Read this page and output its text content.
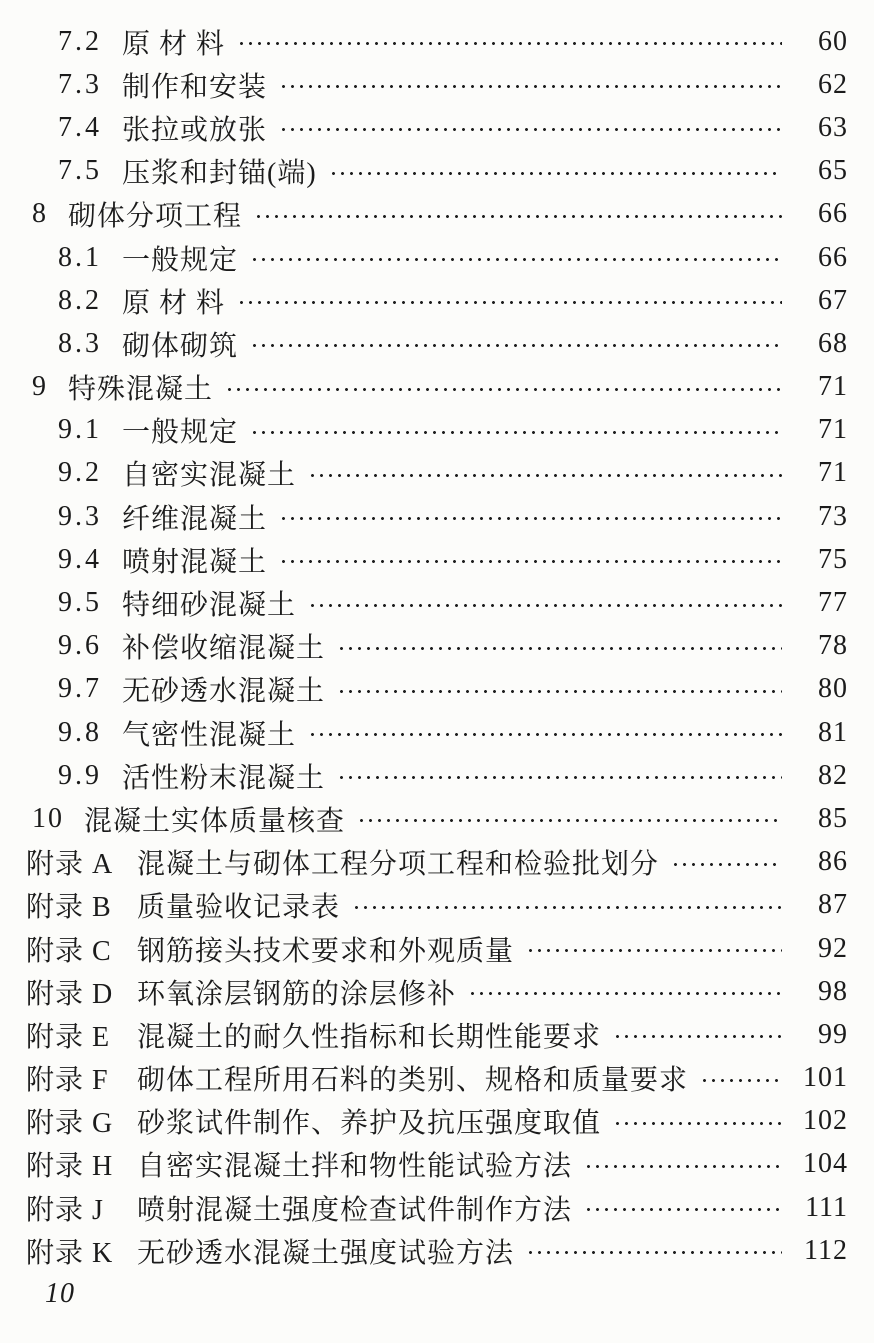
7.2 原 材 料	60
7.3 制作和安装	62
7.4 张拉或放张	63
7.5 压浆和封锚(端)	65
8 砌体分项工程	66
8.1 一般规定	66
8.2 原 材 料	67
8.3 砌体砌筑	68
9 特殊混凝土	71
9.1 一般规定	71
9.2 自密实混凝土	71
9.3 纤维混凝土	73
9.4 喷射混凝土	75
9.5 特细砂混凝土	77
9.6 补偿收缩混凝土	78
9.7 无砂透水混凝土	80
9.8 气密性混凝土	81
9.9 活性粉末混凝土	82
10 混凝土实体质量核查	85
附录 A 混凝土与砌体工程分项工程和检验批划分	86
附录 B 质量验收记录表	87
附录 C 钢筋接头技术要求和外观质量	92
附录 D 环氧涂层钢筋的涂层修补	98
附录 E 混凝土的耐久性指标和长期性能要求	99
附录 F	砌体工程所用石料的类别、规格和质量要求	101
附录 G 砂浆试件制作、养护及抗压强度取值	102
附录 H 自密实混凝土拌和物性能试验方法	104
附录 J	喷射混凝土强度检查试件制作方法	111
附录 K 无砂透水混凝土强度试验方法	112
10
